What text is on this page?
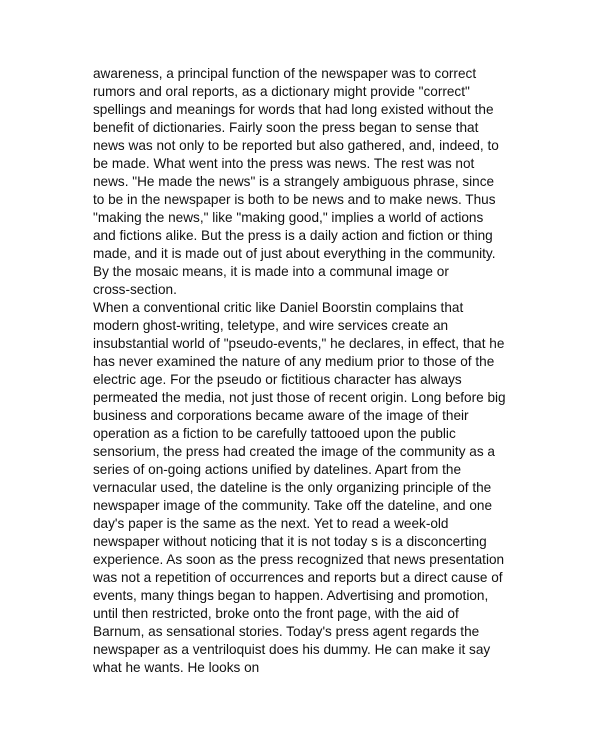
awareness, a principal function of the newspaper was to correct
rumors and oral reports, as a dictionary might provide "correct"
spellings and meanings for words that had long existed without the
benefit of dictionaries. Fairly soon the press began to sense that
news was not only to be reported but also gathered, and, indeed, to
be made. What went into the press was news. The rest was not
news. "He made the news" is a strangely ambiguous phrase, since
to be in the newspaper is both to be news and to make news. Thus
"making the news," like "making good," implies a world of actions
and fictions alike. But the press is a daily action and fiction or thing
made, and it is made out of just about everything in the community.
By the mosaic means, it is made into a communal image or
cross-section.
When a conventional critic like Daniel Boorstin complains that
modern ghost-writing, teletype, and wire services create an
insubstantial world of "pseudo-events," he declares, in effect, that he
has never examined the nature of any medium prior to those of the
electric age. For the pseudo or fictitious character has always
permeated the media, not just those of recent origin. Long before big
business and corporations became aware of the image of their
operation as a fiction to be carefully tattooed upon the public
sensorium, the press had created the image of the community as a
series of on-going actions unified by datelines. Apart from the
vernacular used, the dateline is the only organizing principle of the
newspaper image of the community. Take off the dateline, and one
day's paper is the same as the next. Yet to read a week-old
newspaper without noticing that it is not today s is a disconcerting
experience. As soon as the press recognized that news presentation
was not a repetition of occurrences and reports but a direct cause of
events, many things began to happen. Advertising and promotion,
until then restricted, broke onto the front page, with the aid of
Barnum, as sensational stories. Today's press agent regards the
newspaper as a ventriloquist does his dummy. He can make it say
what he wants. He looks on
